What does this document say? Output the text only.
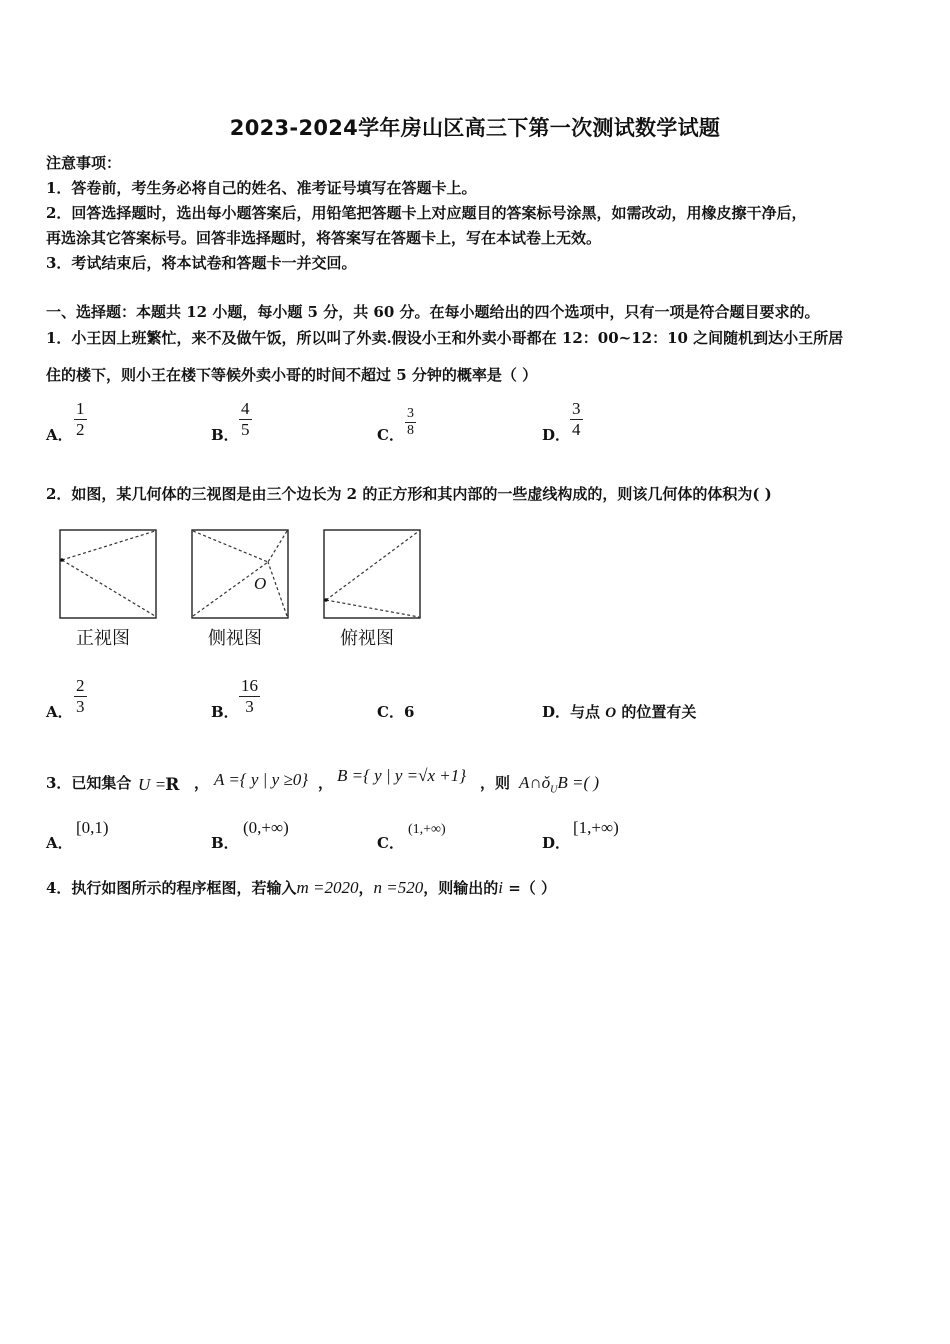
2023-2024学年房山区高三下第一次测试数学试题
注意事项：
1．答卷前，考生务必将自己的姓名、准考证号填写在答题卡上。
2．回答选择题时，选出每小题答案后，用铅笔把答题卡上对应题目的答案标号涂黑，如需改动，用橡皮擦干净后，
再选涂其它答案标号。回答非选择题时，将答案写在答题卡上，写在本试卷上无效。
3．考试结束后，将本试卷和答题卡一并交回。
一、选择题：本题共 12 小题，每小题 5 分，共 60 分。在每小题给出的四个选项中，只有一项是符合题目要求的。
1．小王因上班繁忙，来不及做午饭，所以叫了外卖.假设小王和外卖小哥都在 12：00~12：10 之间随机到达小王所居
住的楼下，则小王在楼下等候外卖小哥的时间不超过 5 分钟的概率是（ ）
A． $\frac{1}{2}$	B． $\frac{4}{5}$	C． $\frac{3}{8}$	D． $\frac{3}{4}$
2．如图，某几何体的三视图是由三个边长为 2 的正方形和其内部的一些虚线构成的，则该几何体的体积为( )
正视图
O
侧视图	俯视图
A． $\frac{2}{3}$	B． $\frac{16}{3}$	C．6	D．与点 O 的位置有关
3．已知集合 U =R ， A ={ y | y ≥0} ， B ={ y | y =√x +1} ，则 $A\cap ǒ_UB$ =( )
A．
[0,1)
B．
(0,+∞)
C．
(1,+∞)
D．
[1,+∞)
4．执行如图所示的程序框图，若输入m =2020，n =520，则输出的i =（ ）
